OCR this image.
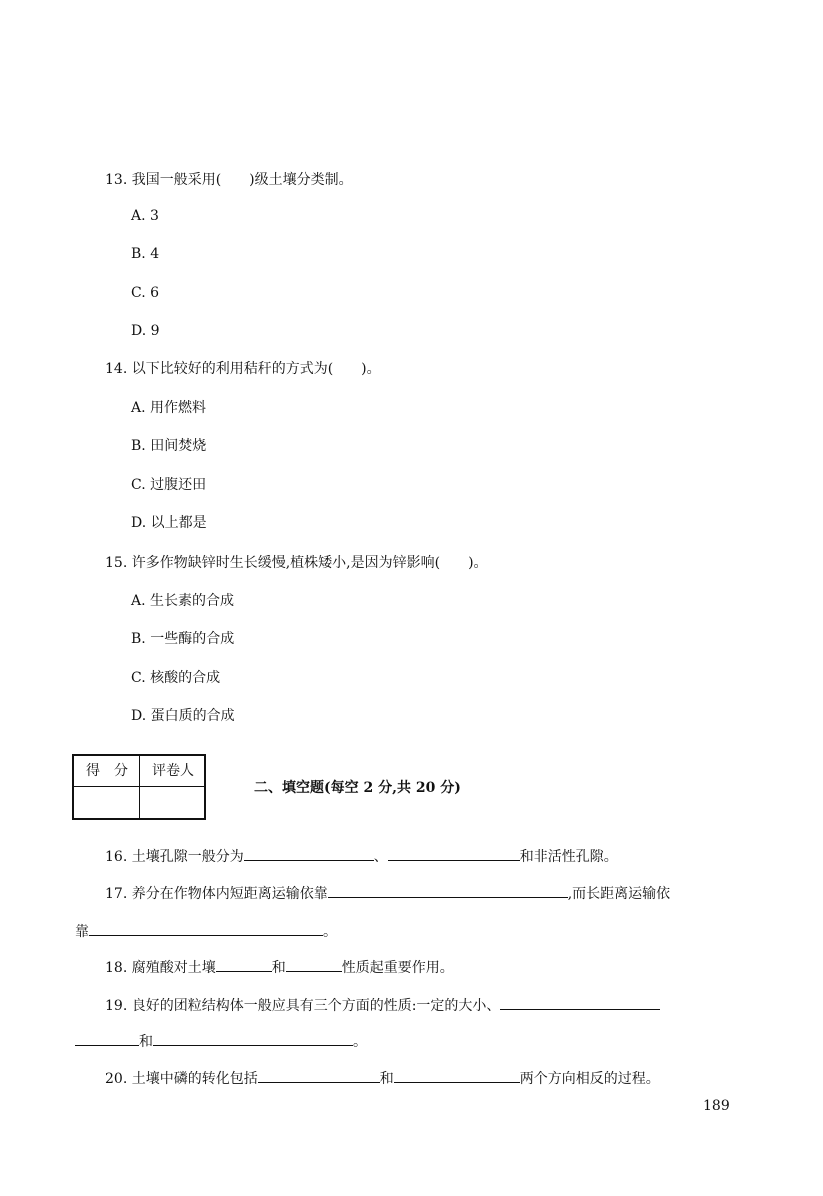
13. 我国一般采用(　　)级土壤分类制。
A. 3
B. 4
C. 6
D. 9
14. 以下比较好的利用秸秆的方式为(　　)。
A. 用作燃料
B. 田间焚烧
C. 过腹还田
D. 以上都是
15. 许多作物缺锌时生长缓慢,植株矮小,是因为锌影响(　　)。
A. 生长素的合成
B. 一些酶的合成
C. 核酸的合成
D. 蛋白质的合成
得　分	评卷人
二、填空题(每空 2 分,共 20 分)
16. 土壤孔隙一般分为	、	和非活性孔隙。
17. 养分在作物体内短距离运输依靠	,而长距离运输依
靠	。
18. 腐殖酸对土壤	和	性质起重要作用。
19. 良好的团粒结构体一般应具有三个方面的性质:一定的大小、
和	。
20. 土壤中磷的转化包括	和	两个方向相反的过程。
189
